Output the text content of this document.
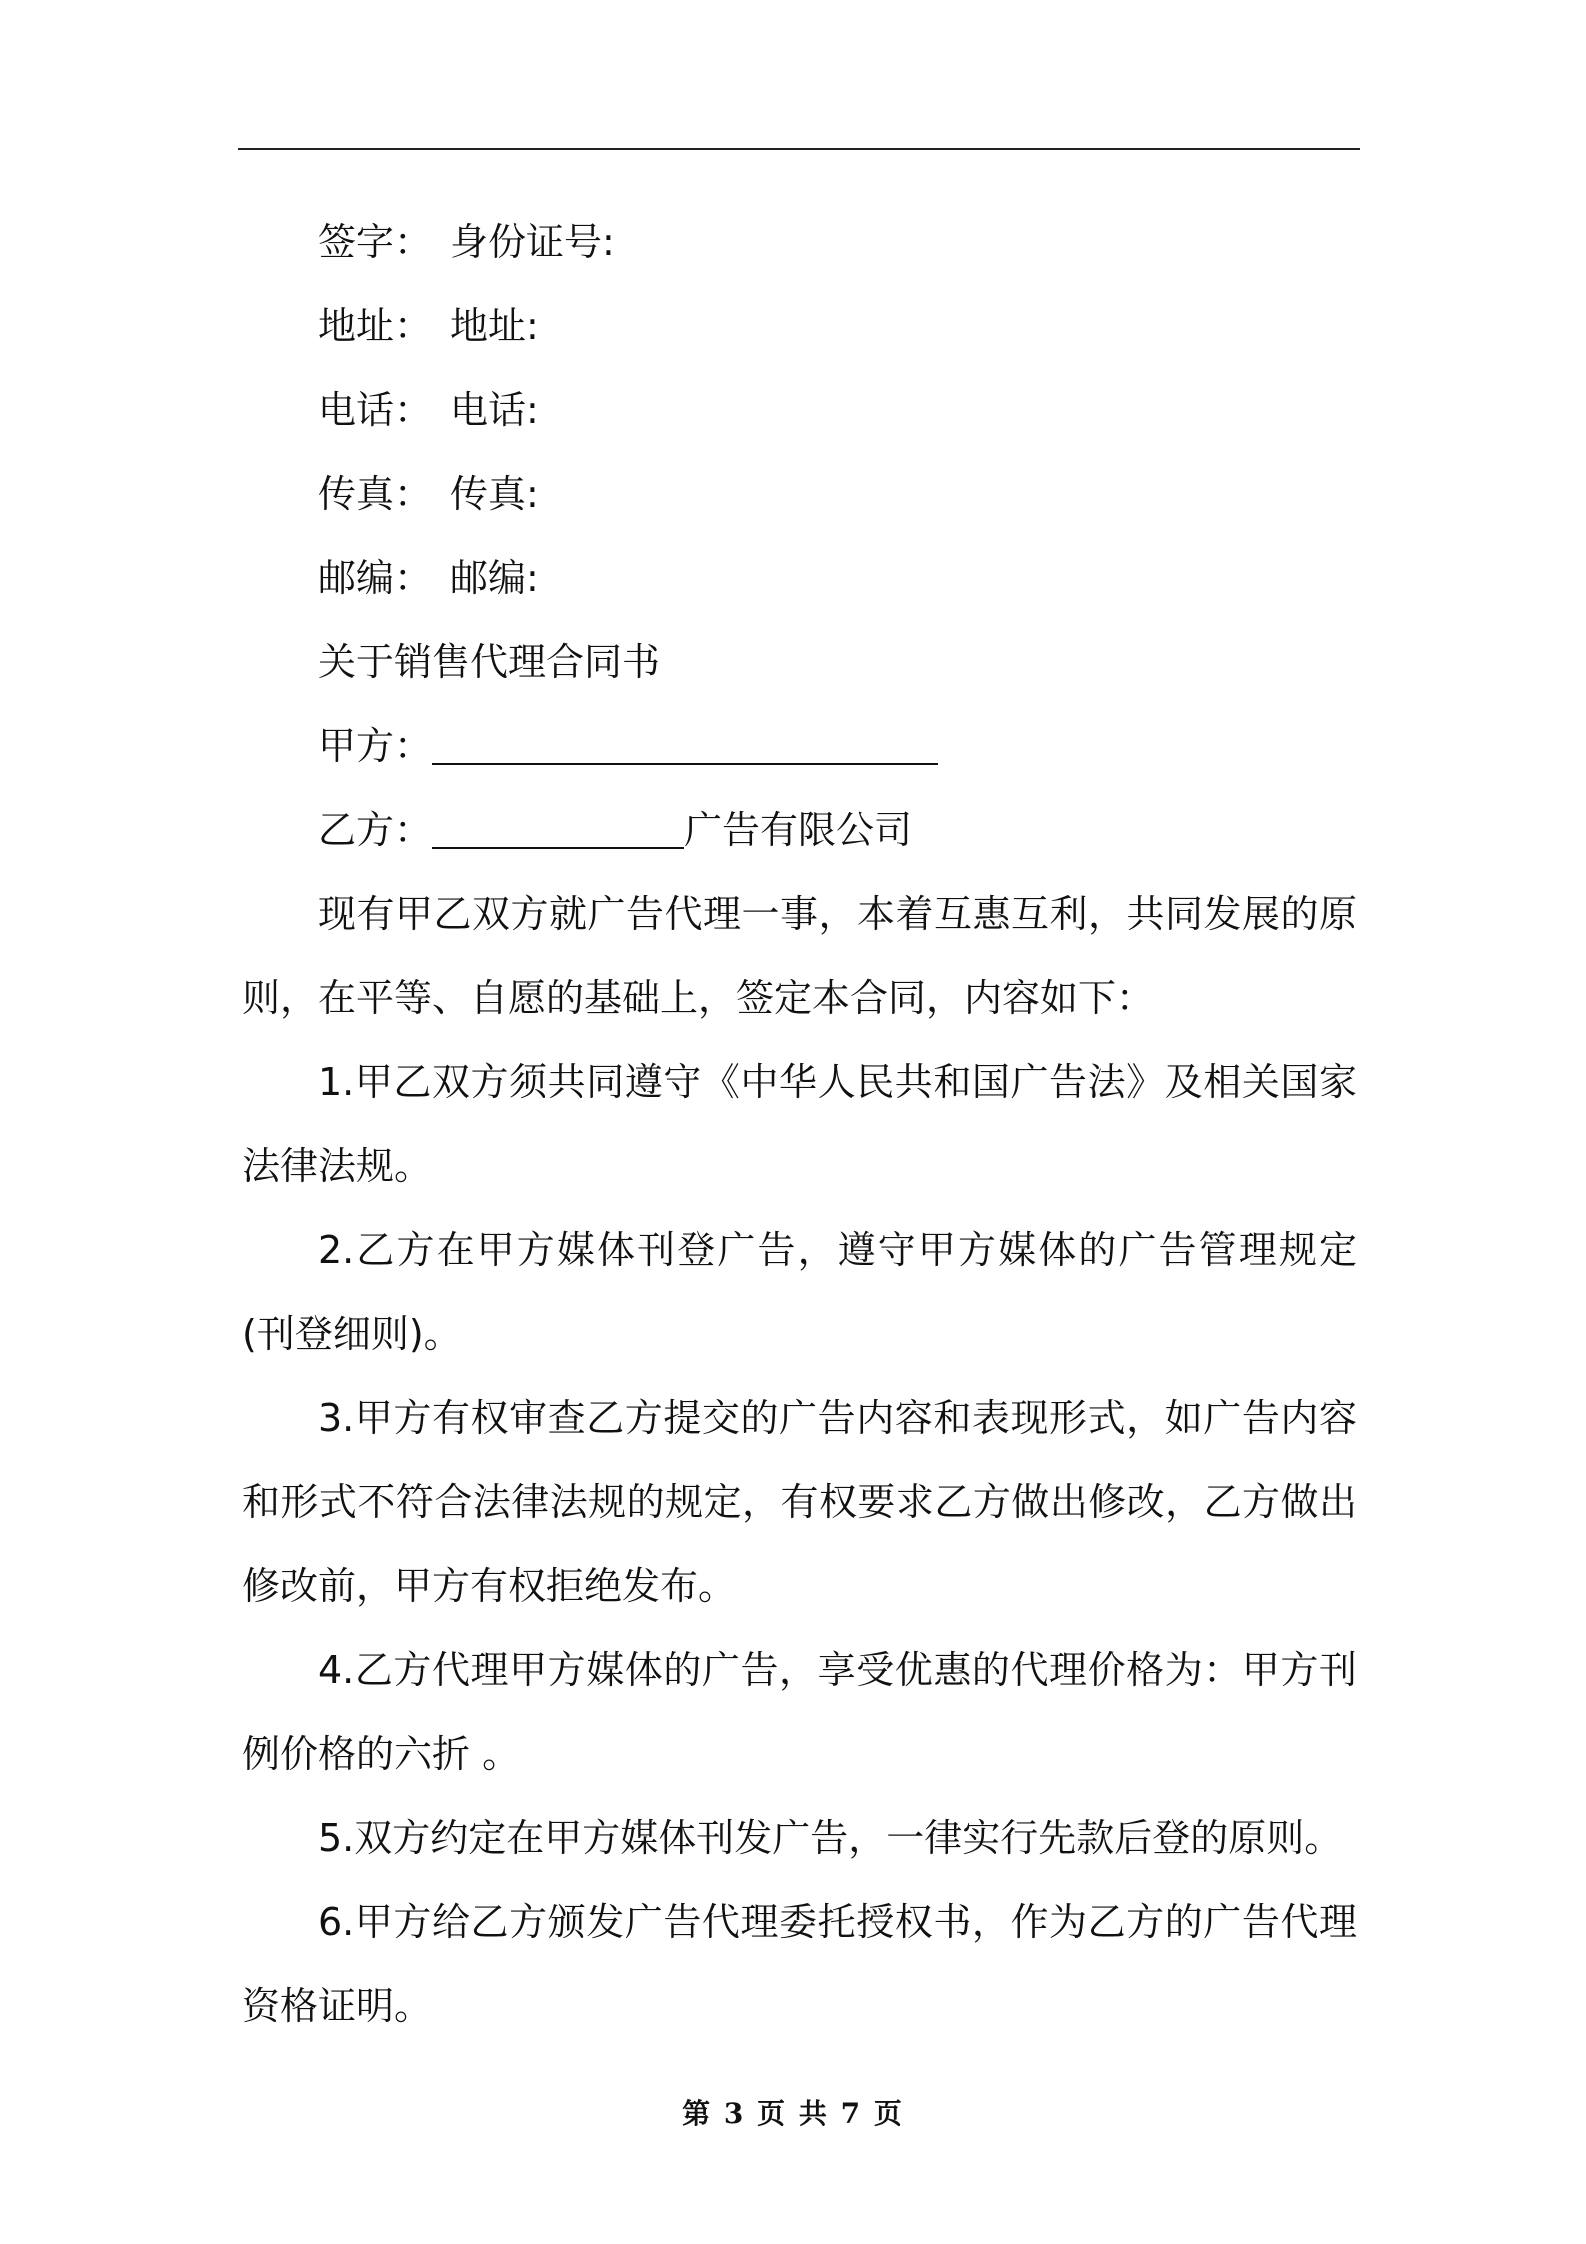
签字： 身份证号:
地址： 地址:
电话： 电话:
传真： 传真:
邮编： 邮编:
关于销售代理合同书
甲方：
乙方：	广告有限公司

现有甲乙双方就广告代理一事，本着互惠互利，共同发展的原则，在平等、自愿的基础上，签定本合同，内容如下：

1.甲乙双方须共同遵守《中华人民共和国广告法》及相关国家法律法规。

2.乙方在甲方媒体刊登广告，遵守甲方媒体的广告管理规定(刊登细则)。

3.甲方有权审查乙方提交的广告内容和表现形式，如广告内容和形式不符合法律法规的规定，有权要求乙方做出修改，乙方做出修改前，甲方有权拒绝发布。

4.乙方代理甲方媒体的广告，享受优惠的代理价格为：甲方刊例价格的六折 。

5.双方约定在甲方媒体刊发广告，一律实行先款后登的原则。

6.甲方给乙方颁发广告代理委托授权书，作为乙方的广告代理资格证明。

第 3 页 共 7 页
